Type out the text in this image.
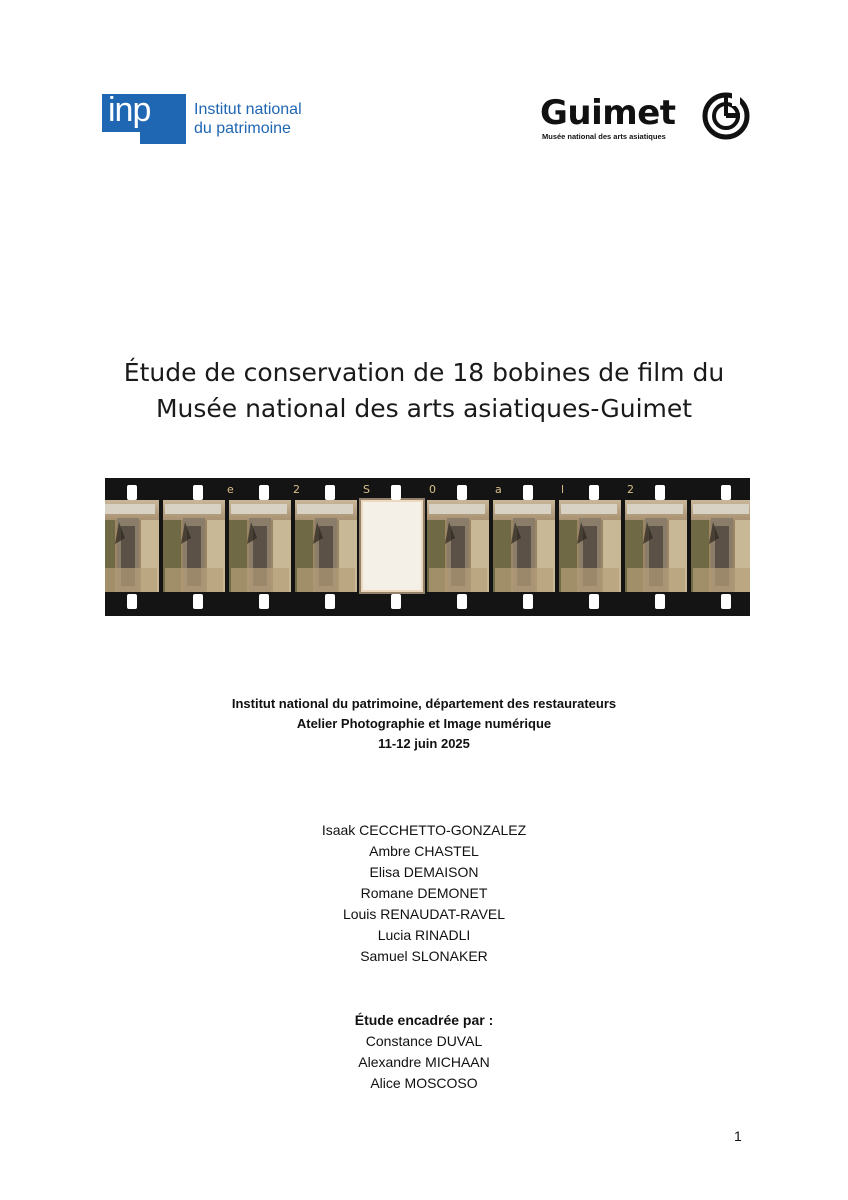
inp	Institut national
du patrimoine	Guimet
Musée national des arts asiatiques
Étude de conservation de 18 bobines de film du
Musée national des arts asiatiques-Guimet
e	2	S	0	a	l	2
Institut national du patrimoine, département des restaurateurs
Atelier Photographie et Image numérique
11-12 juin 2025
Isaak CECCHETTO-GONZALEZ
Ambre CHASTEL
Elisa DEMAISON
Romane DEMONET
Louis RENAUDAT-RAVEL
Lucia RINADLI
Samuel SLONAKER
Étude encadrée par :
Constance DUVAL
Alexandre MICHAAN
Alice MOSCOSO
1
